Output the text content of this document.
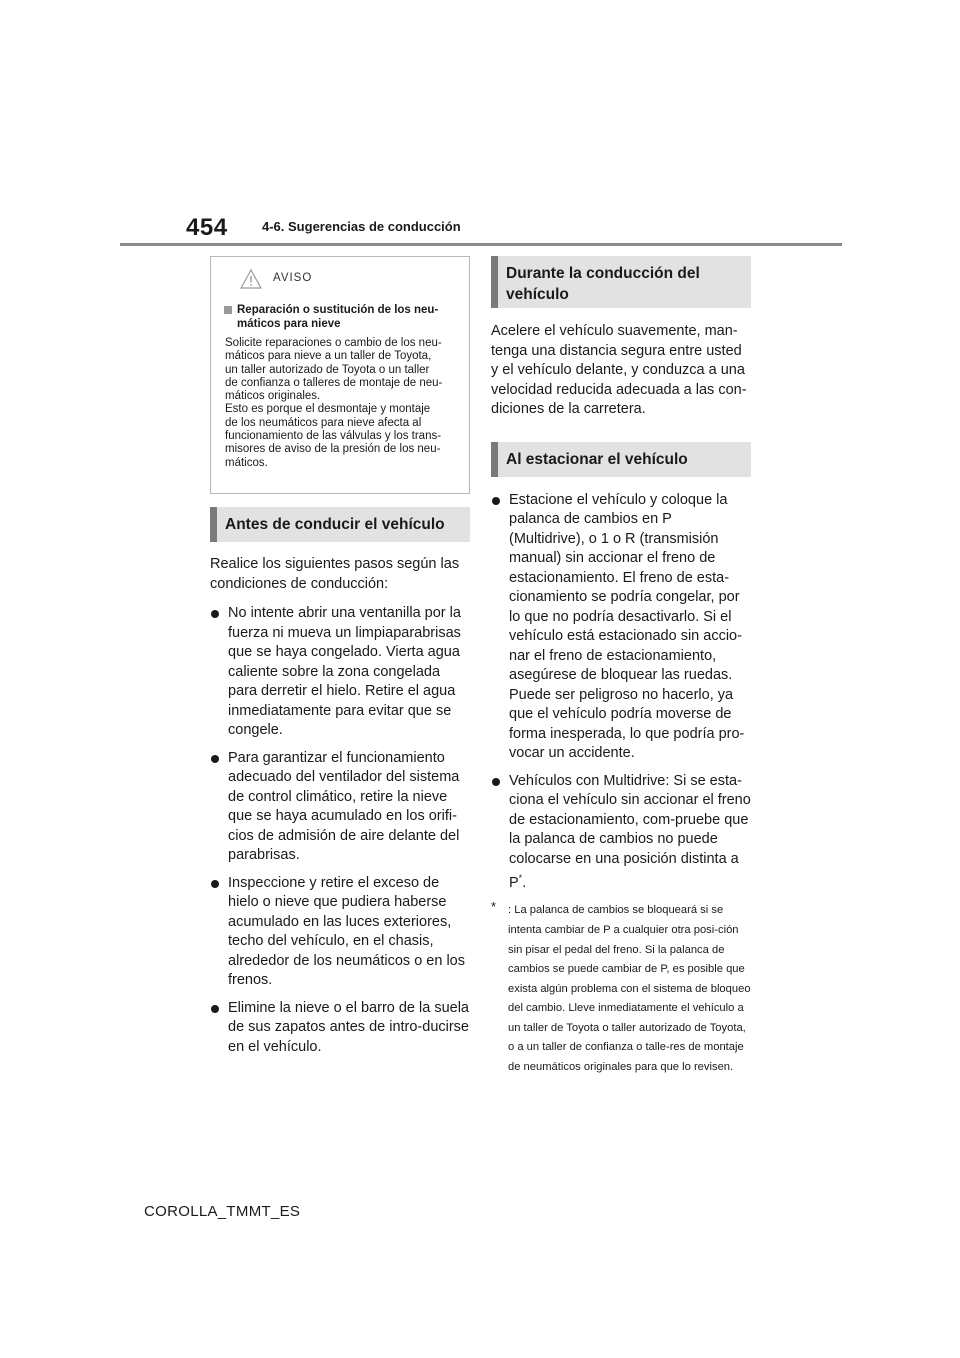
454	4-6. Sugerencias de conducción
AVISO
Reparación o sustitución de los neu-máticos para nieve

Solicite reparaciones o cambio de los neu-

máticos para nieve a un taller de Toyota,

un taller autorizado de Toyota o un taller

de confianza o talleres de montaje de neu-

máticos originales.

Esto es porque el desmontaje y montaje

de los neumáticos para nieve afecta al

funcionamiento de las válvulas y los trans-

misores de aviso de la presión de los neu-

máticos.

Antes de conducir el vehículo

Realice los siguientes pasos según las condiciones de conducción:

No intente abrir una ventanilla por la fuerza ni mueva un limpiaparabrisas que se haya congelado. Vierta agua caliente sobre la zona congelada para derretir el hielo. Retire el agua inmediatamente para evitar que se congele.
Para garantizar el funcionamiento adecuado del ventilador del sistema de control climático, retire la nieve que se haya acumulado en los orifi-cios de admisión de aire delante del parabrisas.
Inspeccione y retire el exceso de hielo o nieve que pudiera haberse acumulado en las luces exteriores, techo del vehículo, en el chasis, alrededor de los neumáticos o en los frenos.
Elimine la nieve o el barro de la suela de sus zapatos antes de intro-ducirse en el vehículo.
Durante la conducción del vehículo

Acelere el vehículo suavemente, man-tenga una distancia segura entre usted y el vehículo delante, y conduzca a una velocidad reducida adecuada a las con-diciones de la carretera.

Al estacionar el vehículo
Estacione el vehículo y coloque la palanca de cambios en P (Multidrive), o 1 o R (transmisión manual) sin accionar el freno de estacionamiento. El freno de esta-cionamiento se podría congelar, por lo que no podría desactivarlo. Si el vehículo está estacionado sin accio-nar el freno de estacionamiento, asegúrese de bloquear las ruedas. Puede ser peligroso no hacerlo, ya que el vehículo podría moverse de forma inesperada, lo que podría pro-vocar un accidente.
Vehículos con Multidrive: Si se esta-ciona el vehículo sin accionar el freno de estacionamiento, com-pruebe que la palanca de cambios no puede colocarse en una posición distinta a P*.
* : La palanca de cambios se bloqueará si se intenta cambiar de P a cualquier otra posi-ción sin pisar el pedal del freno. Si la palanca de cambios se puede cambiar de P, es posible que exista algún problema con el sistema de bloqueo del cambio. Lleve inmediatamente el vehículo a un taller de Toyota o taller autorizado de Toyota, o a un taller de confianza o talle-res de montaje de neumáticos originales para que lo revisen.
COROLLA_TMMT_ES
